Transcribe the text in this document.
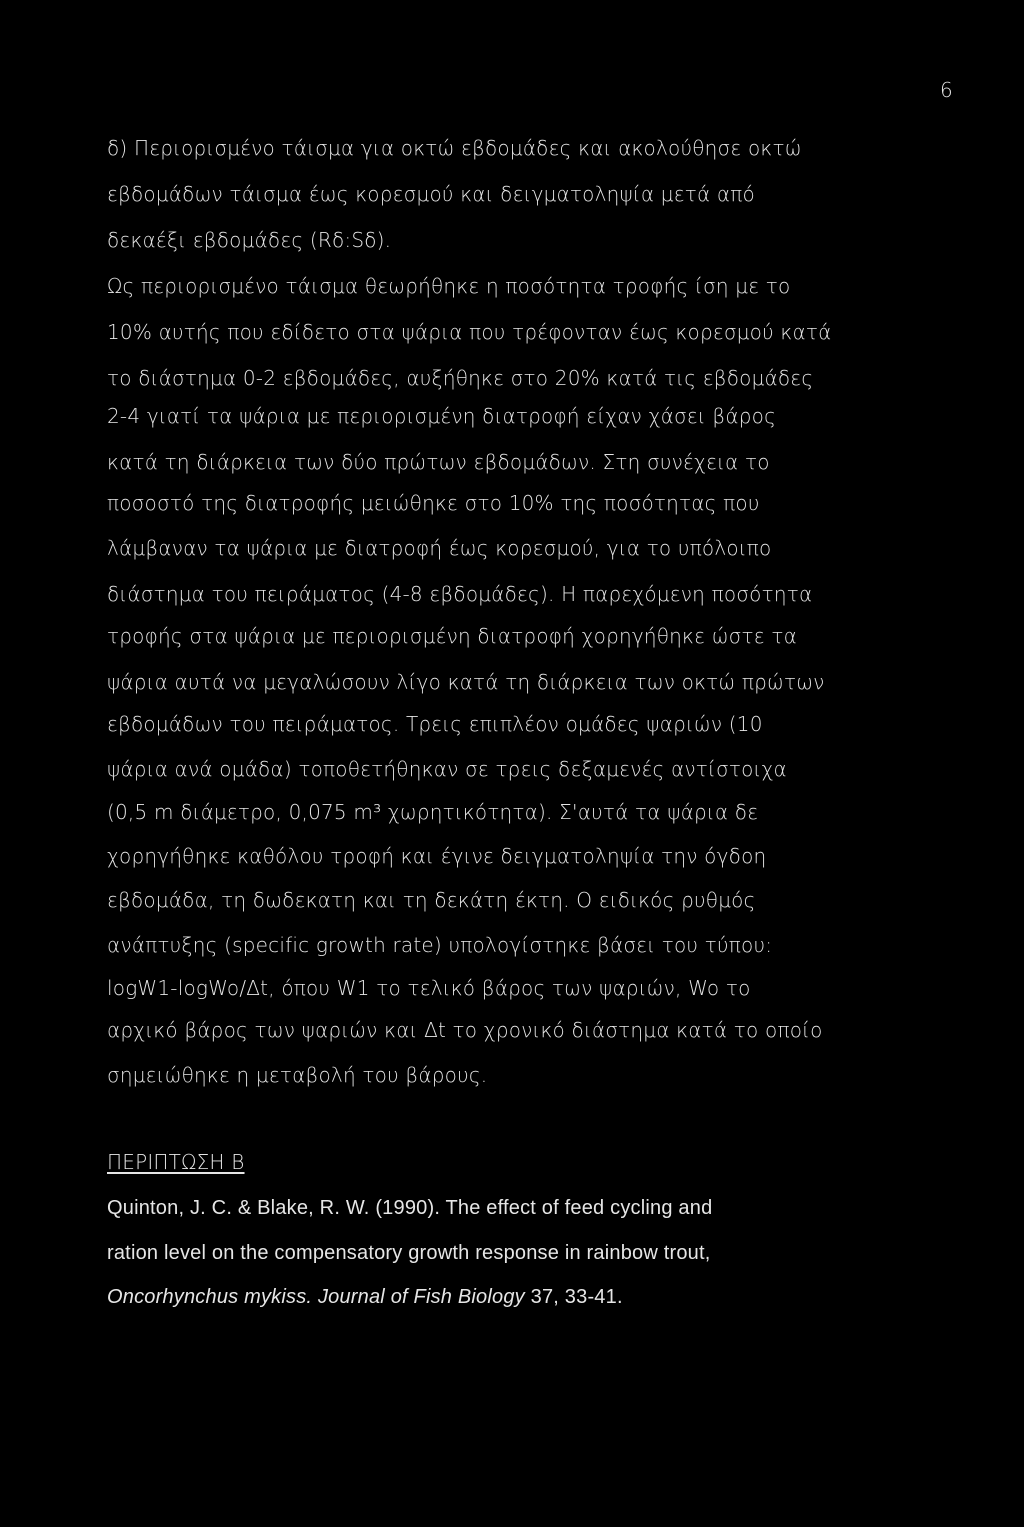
6
δ) Περιορισμένο τάισμα για οκτώ εβδομάδες και ακολούθησε οκτώ
εβδομάδων τάισμα έως κορεσμού και δειγματοληψία μετά από
δεκαέξι εβδομάδες (Rδ:Sδ).
Ως περιορισμένο τάισμα θεωρήθηκε η ποσότητα τροφής ίση με το
10% αυτής που εδίδετο στα ψάρια που τρέφονταν έως κορεσμού κατά
το διάστημα 0-2 εβδομάδες, αυξήθηκε στο 20% κατά τις εβδομάδες
2-4 γιατί τα ψάρια με περιορισμένη διατροφή είχαν χάσει βάρος
κατά τη διάρκεια των δύο πρώτων εβδομάδων. Στη συνέχεια το
ποσοστό της διατροφής μειώθηκε στο 10% της ποσότητας που
λάμβαναν τα ψάρια με διατροφή έως κορεσμού, για το υπόλοιπο
διάστημα του πειράματος (4-8 εβδομάδες). Η παρεχόμενη ποσότητα
τροφής στα ψάρια με περιορισμένη διατροφή χορηγήθηκε ώστε τα
ψάρια αυτά να μεγαλώσουν λίγο κατά τη διάρκεια των οκτώ πρώτων
εβδομάδων του πειράματος. Τρεις επιπλέον ομάδες ψαριών (10
ψάρια ανά ομάδα) τοποθετήθηκαν σε τρεις δεξαμενές αντίστοιχα
(0,5 m διάμετρο, 0,075 m³ χωρητικότητα). Σ'αυτά τα ψάρια δε
χορηγήθηκε καθόλου τροφή και έγινε δειγματοληψία την όγδοη
εβδομάδα, τη δωδεκατη και τη δεκάτη έκτη. Ο ειδικός ρυθμός
ανάπτυξης (specific growth rate) υπολογίστηκε βάσει του τύπου:
logW1-logWo/Δt, όπου W1 το τελικό βάρος των ψαριών, Wo το
αρχικό βάρος των ψαριών και Δt το χρονικό διάστημα κατά το οποίο
σημειώθηκε η μεταβολή του βάρους.
ΠΕΡΙΠΤΩΣΗ Β
Quinton, J. C. & Blake, R. W. (1990). The effect of feed cycling and
ration level on the compensatory growth response in rainbow trout,
Oncorhynchus mykiss. Journal of Fish Biology 37, 33-41.
